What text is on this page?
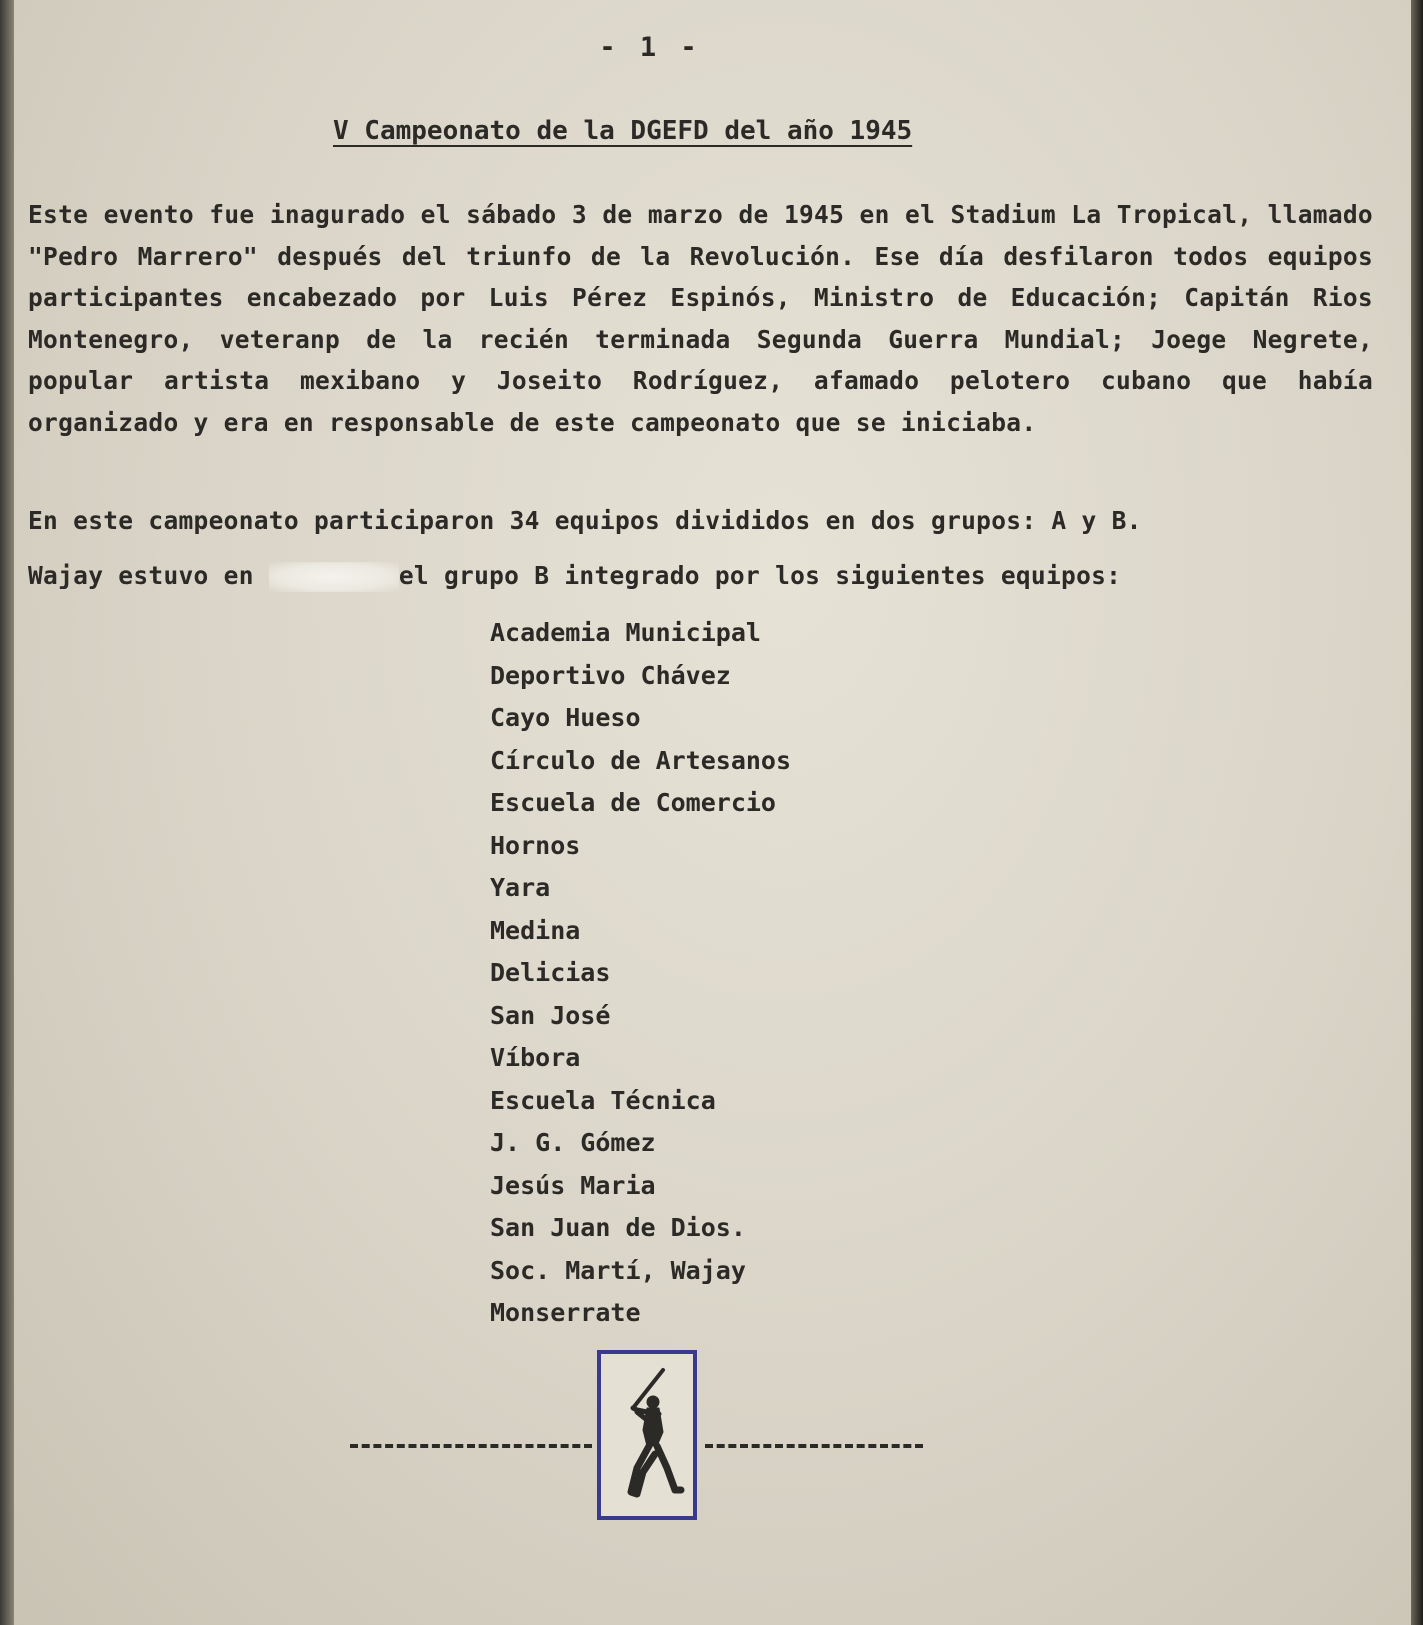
- 1 -
V Campeonato de la DGEFD del año 1945

Este evento fue inagurado el sábado 3 de marzo de 1945 en el Stadium La Tropical, llamado "Pedro Marrero" después del triunfo de la Revolución. Ese día desfilaron todos equipos participantes encabezado por Luis Pérez Espinós, Ministro de Educación; Capitán Rios Montenegro, veteranp de la recién terminada Segunda Guerra Mundial; Joege Negrete, popular artista mexibano y Joseito Rodríguez, afamado pelotero cubano que había organizado y era en responsable de este campeonato que se iniciaba.

En este campeonato participaron 34 equipos divididos en dos grupos: A y B.

Wajay estuvo en	el grupo B integrado por los siguientes equipos:

Academia Municipal
Deportivo Chávez
Cayo Hueso
Círculo de Artesanos
Escuela de Comercio
Hornos
Yara
Medina
Delicias
San José
Víbora
Escuela Técnica
J. G. Gómez
Jesús Maria
San Juan de Dios.
Soc. Martí, Wajay
Monserrate
